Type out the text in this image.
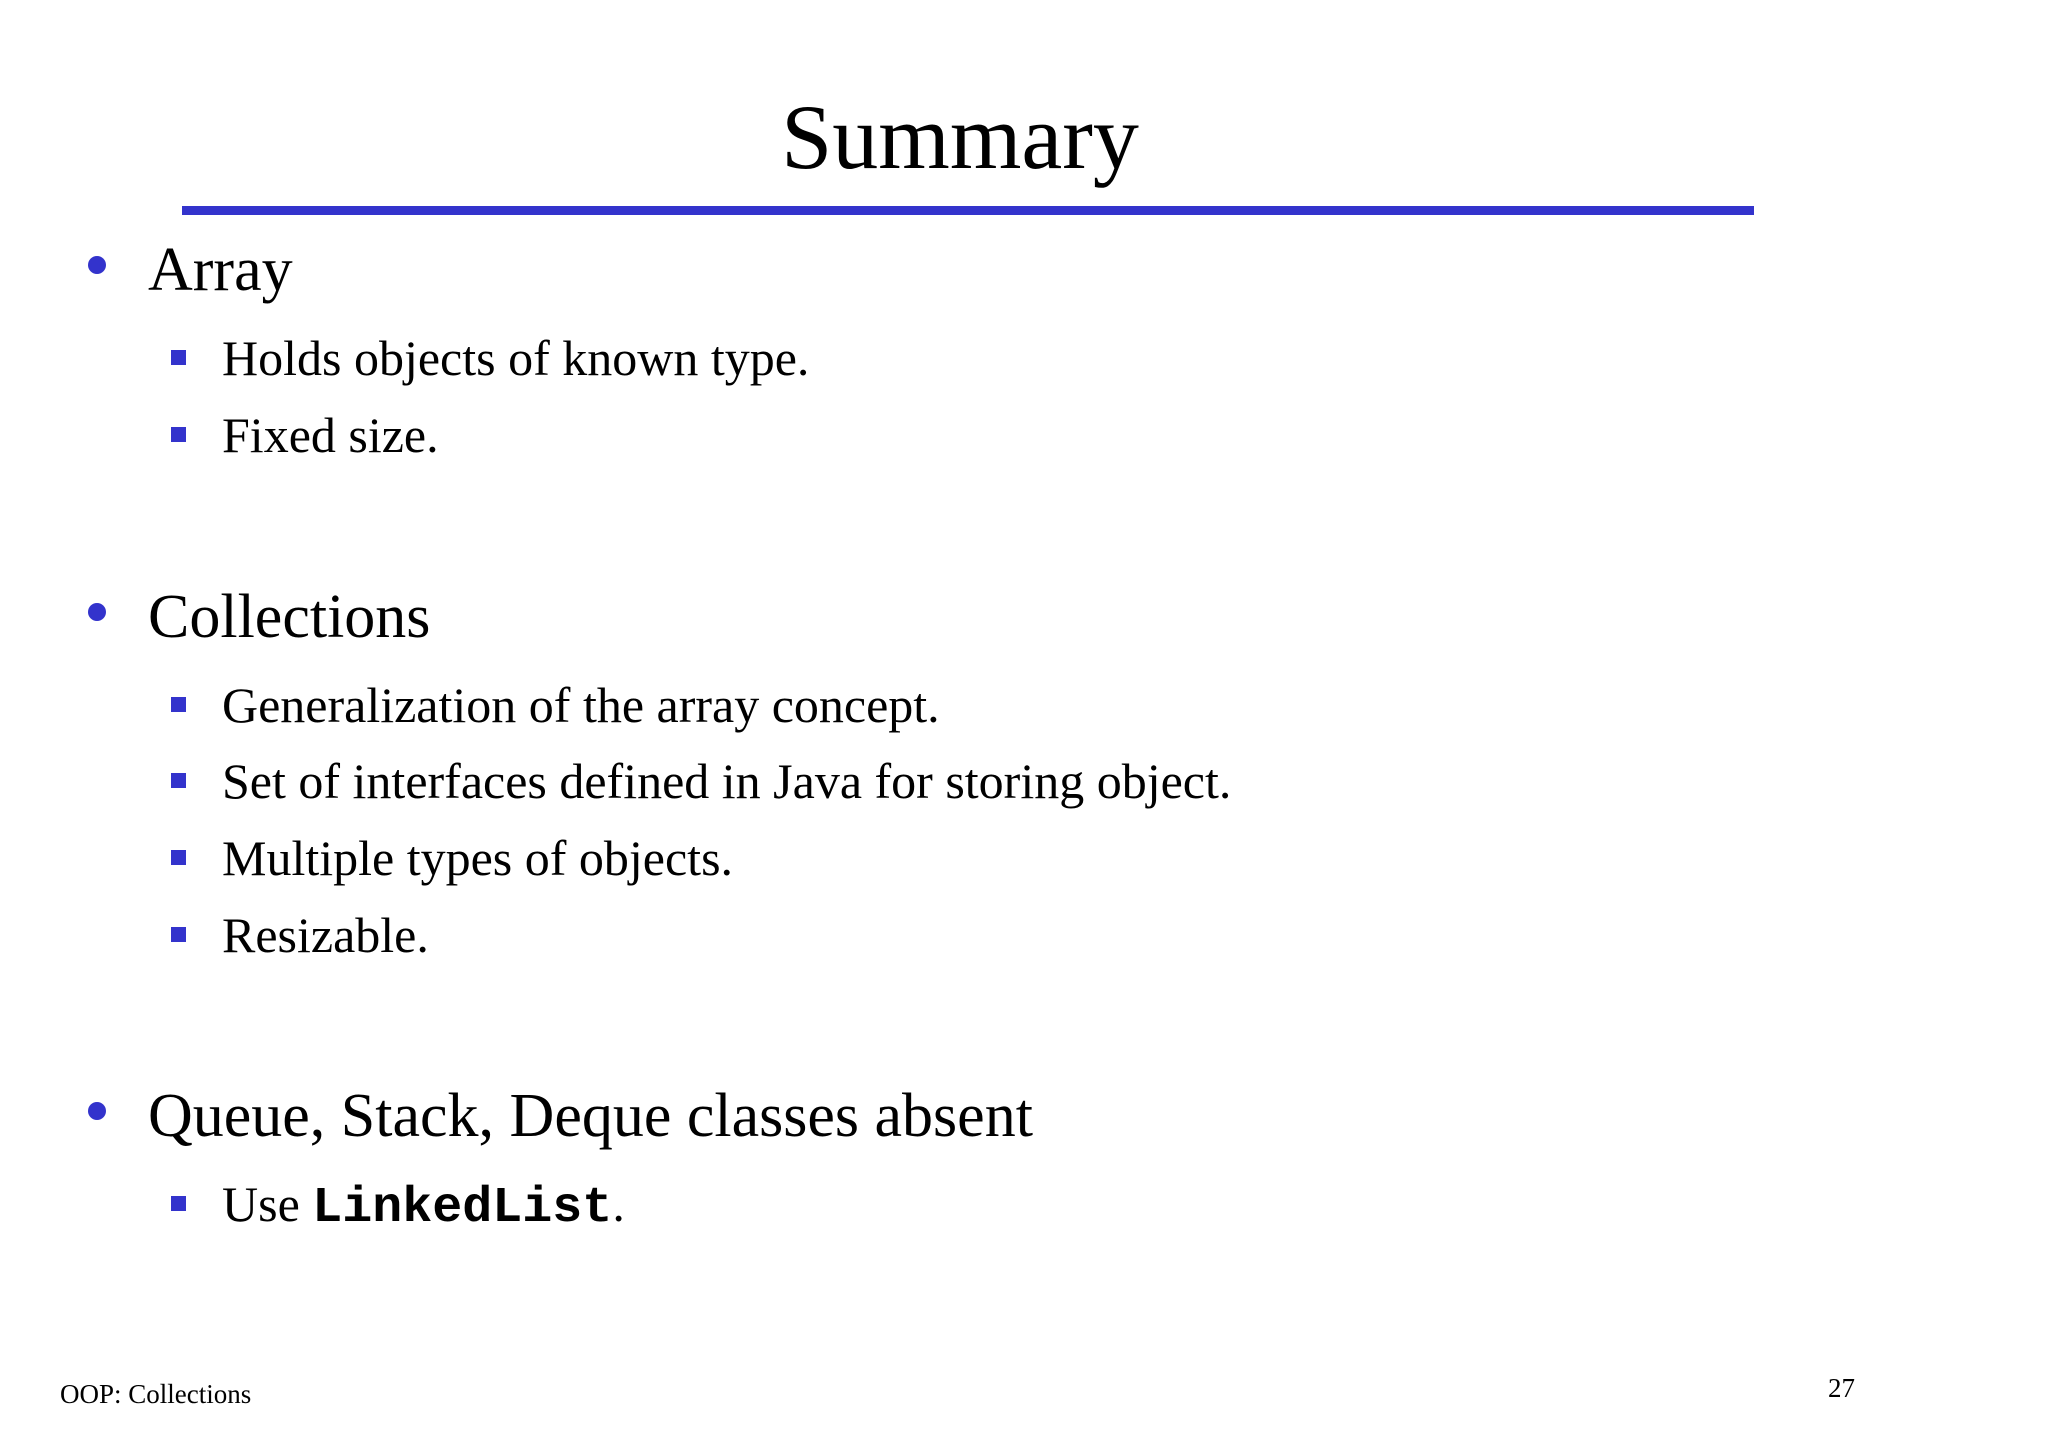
Summary
Array
Holds objects of known type.
Fixed size.
Collections
Generalization of the array concept.
Set of interfaces defined in Java for storing object.
Multiple types of objects.
Resizable.
Queue, Stack, Deque classes absent
Use LinkedList.
OOP: Collections	27
